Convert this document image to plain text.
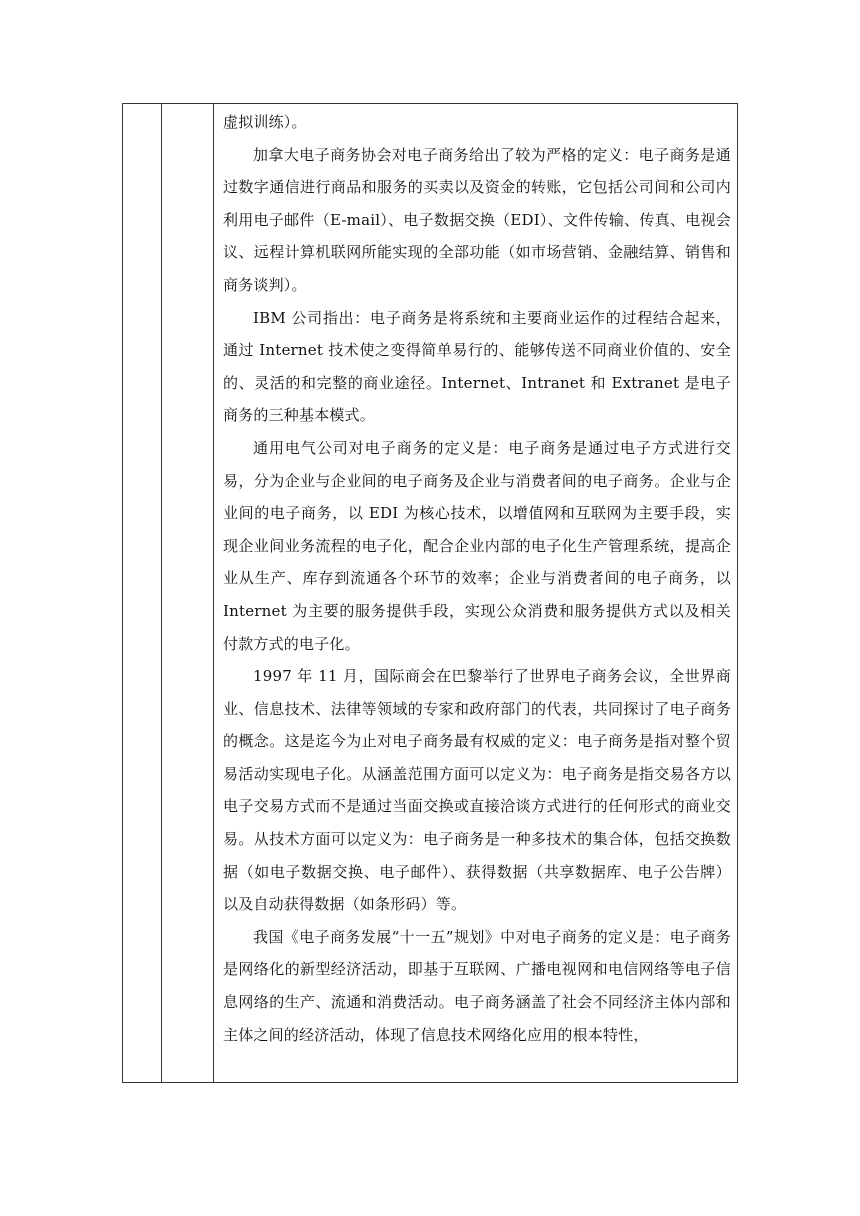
虚拟训练）。

加拿大电子商务协会对电子商务给出了较为严格的定义：电子商务是通过数字通信进行商品和服务的买卖以及资金的转账，它包括公司间和公司内利用电子邮件（E-mail）、电子数据交换（EDI）、文件传输、传真、电视会议、远程计算机联网所能实现的全部功能（如市场营销、金融结算、销售和商务谈判）。

IBM 公司指出：电子商务是将系统和主要商业运作的过程结合起来，通过 Internet 技术使之变得简单易行的、能够传送不同商业价值的、安全的、灵活的和完整的商业途径。Internet、Intranet 和 Extranet 是电子商务的三种基本模式。

通用电气公司对电子商务的定义是：电子商务是通过电子方式进行交易，分为企业与企业间的电子商务及企业与消费者间的电子商务。企业与企业间的电子商务，以 EDI 为核心技术，以增值网和互联网为主要手段，实现企业间业务流程的电子化，配合企业内部的电子化生产管理系统，提高企业从生产、库存到流通各个环节的效率；企业与消费者间的电子商务，以 Internet 为主要的服务提供手段，实现公众消费和服务提供方式以及相关付款方式的电子化。

1997 年 11 月，国际商会在巴黎举行了世界电子商务会议，全世界商业、信息技术、法律等领域的专家和政府部门的代表，共同探讨了电子商务的概念。这是迄今为止对电子商务最有权威的定义：电子商务是指对整个贸易活动实现电子化。从涵盖范围方面可以定义为：电子商务是指交易各方以电子交易方式而不是通过当面交换或直接洽谈方式进行的任何形式的商业交易。从技术方面可以定义为：电子商务是一种多技术的集合体，包括交换数据（如电子数据交换、电子邮件）、获得数据（共享数据库、电子公告牌）以及自动获得数据（如条形码）等。

我国《电子商务发展“十一五”规划》中对电子商务的定义是：电子商务是网络化的新型经济活动，即基于互联网、广播电视网和电信网络等电子信息网络的生产、流通和消费活动。电子商务涵盖了社会不同经济主体内部和主体之间的经济活动，体现了信息技术网络化应用的根本特性，
